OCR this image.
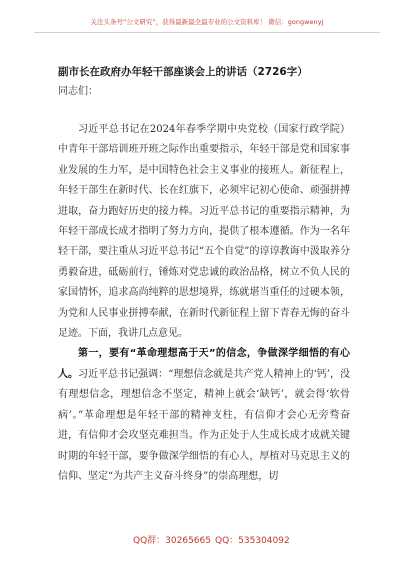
关注头条号“公文研究”，获得最新最全最专业的公文资料库！ 微信：gongwenyj
副市长在政府办年轻干部座谈会上的讲话（2726字）
同志们：

习近平总书记在2024年春季学期中央党校（国家行政学院）中青年干部培训班开班之际作出重要指示，年轻干部是党和国家事业发展的生力军，是中国特色社会主义事业的接班人。新征程上，年轻干部生在新时代、长在红旗下，必须牢记初心使命、顽强拼搏进取，奋力跑好历史的接力棒。习近平总书记的重要指示精神，为年轻干部成长成才指明了努力方向，提供了根本遵循。作为一名年轻干部，要注重从习近平总书记“五个自觉”的谆谆教诲中汲取养分勇毅奋进，砥砺前行，锤炼对党忠诚的政治品格，树立不负人民的家国情怀，追求高尚纯粹的思想境界，练就堪当重任的过硬本领，为党和人民事业拼搏奉献，在新时代新征程上留下青春无悔的奋斗足迹。下面，我讲几点意见。

第一，要有“革命理想高于天”的信念，争做深学细悟的有心人。习近平总书记强调：“理想信念就是共产党人精神上的‘钙’，没有理想信念，理想信念不坚定，精神上就会‘缺钙’，就会得‘软骨病’。”革命理想是年轻干部的精神支柱，有信仰才会心无旁骛奋进，有信仰才会攻坚克难担当。作为正处于人生成长成才成就关键时期的年轻干部，要争做深学细悟的有心人，厚植对马克思主义的信仰、坚定“为共产主义奋斗终身”的崇高理想，切

QQ群：30265665 QQ：535304092
